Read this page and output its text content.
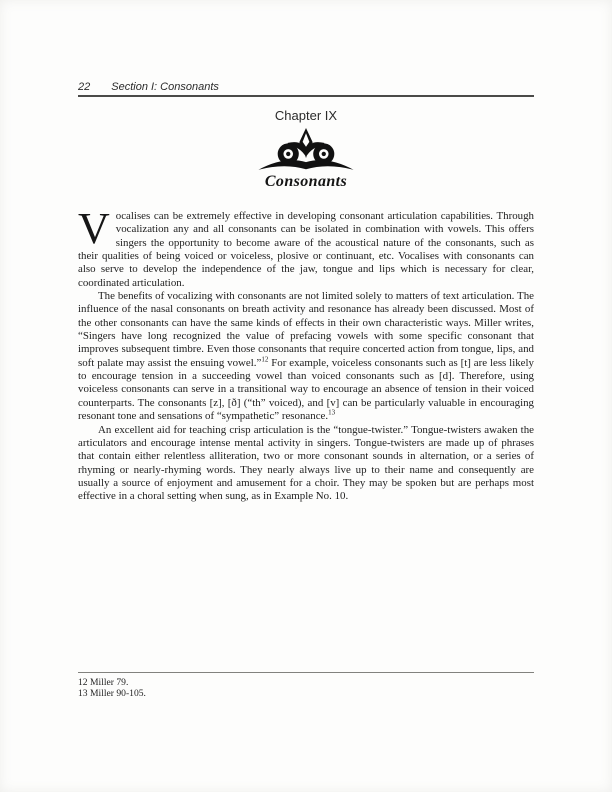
22 Section I: Consonants
Chapter IX
Consonants

Vocalises can be extremely effective in developing consonant articulation capabilities. Through vocalization any and all consonants can be isolated in combination with vowels. This offers singers the opportunity to become aware of the acoustical nature of the consonants, such as their qualities of being voiced or voiceless, plosive or continuant, etc. Vocalises with consonants can also serve to develop the independence of the jaw, tongue and lips which is necessary for clear, coordinated articulation.

The benefits of vocalizing with consonants are not limited solely to matters of text articulation. The influence of the nasal consonants on breath activity and resonance has already been discussed. Most of the other consonants can have the same kinds of effects in their own characteristic ways. Miller writes, “Singers have long recognized the value of prefacing vowels with some specific consonant that improves subsequent timbre. Even those consonants that require concerted action from tongue, lips, and soft palate may assist the ensuing vowel.”$^{12}$ For example, voiceless consonants such as [t] are less likely to encourage tension in a succeeding vowel than voiced consonants such as [d]. Therefore, using voiceless consonants can serve in a transitional way to encourage an absence of tension in their voiced counterparts. The consonants [z], [ð] (“th” voiced), and [v] can be particularly valuable in encouraging resonant tone and sensations of “sympathetic” resonance.$^{13}$

An excellent aid for teaching crisp articulation is the “tongue-twister.” Tongue-twisters awaken the articulators and encourage intense mental activity in singers. Tongue-twisters are made up of phrases that contain either relentless alliteration, two or more consonant sounds in alternation, or a series of rhyming or nearly-rhyming words. They nearly always live up to their name and consequently are usually a source of enjoyment and amusement for a choir. They may be spoken but are perhaps most effective in a choral setting when sung, as in Example No. 10.

12 Miller 79.
13 Miller 90-105.
